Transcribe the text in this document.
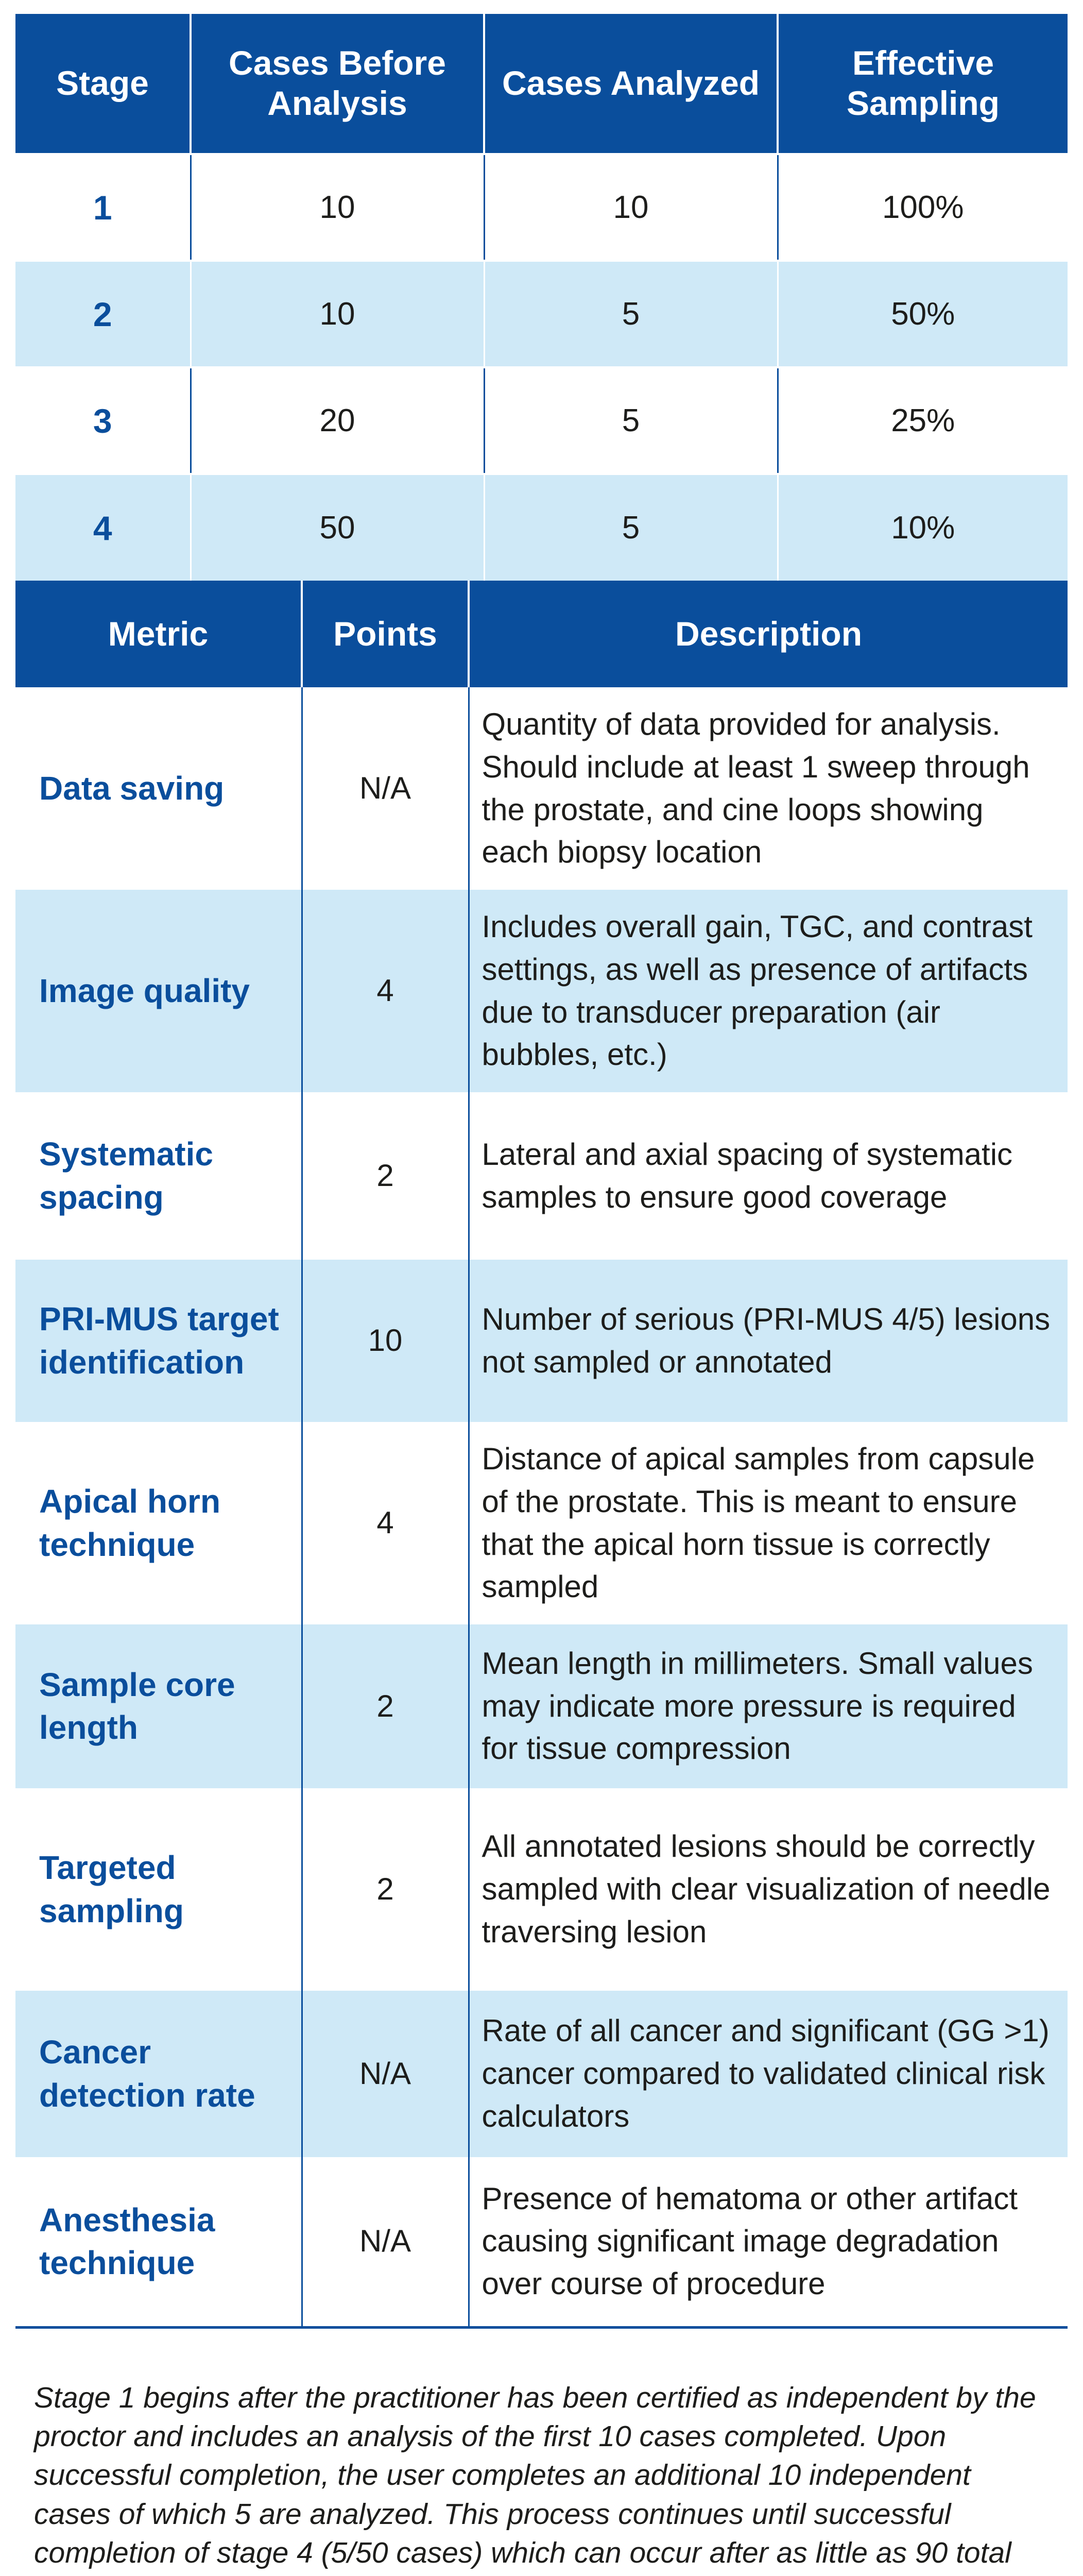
Stage	Cases Before Analysis	Cases Analyzed	Effective Sampling
1	10	10	100%
2	10	5	50%
3	20	5	25%
4	50	5	10%
Metric	Points	Description
Data saving	N/A	Quantity of data provided for analysis. Should include at least 1 sweep through the prostate, and cine loops showing each biopsy location
Image quality	4	Includes overall gain, TGC, and contrast settings, as well as presence of artifacts due to transducer preparation (air bubbles, etc.)
Systematic spacing	2	Lateral and axial spacing of systematic samples to ensure good coverage
PRI-MUS target identification	10	Number of serious (PRI-MUS 4/5) lesions not sampled or annotated
Apical horn technique	4	Distance of apical samples from capsule of the prostate. This is meant to ensure that the apical horn tissue is correctly sampled
Sample core length	2	Mean length in millimeters. Small values may indicate more pressure is required for tissue compression
Targeted sampling	2	All annotated lesions should be correctly sampled with clear visualization of needle traversing lesion
Cancer detection rate	N/A	Rate of all cancer and significant (GG >1) cancer compared to validated clinical risk calculators
Anesthesia technique	N/A	Presence of hematoma or other artifact causing significant image degradation over course of procedure

Stage 1 begins after the practitioner has been certified as independent by the proctor and includes an analysis of the first 10 cases completed. Upon successful completion, the user completes an additional 10 independent cases of which 5 are analyzed. This process continues until successful completion of stage 4 (5/50 cases) which can occur after as little as 90 total
